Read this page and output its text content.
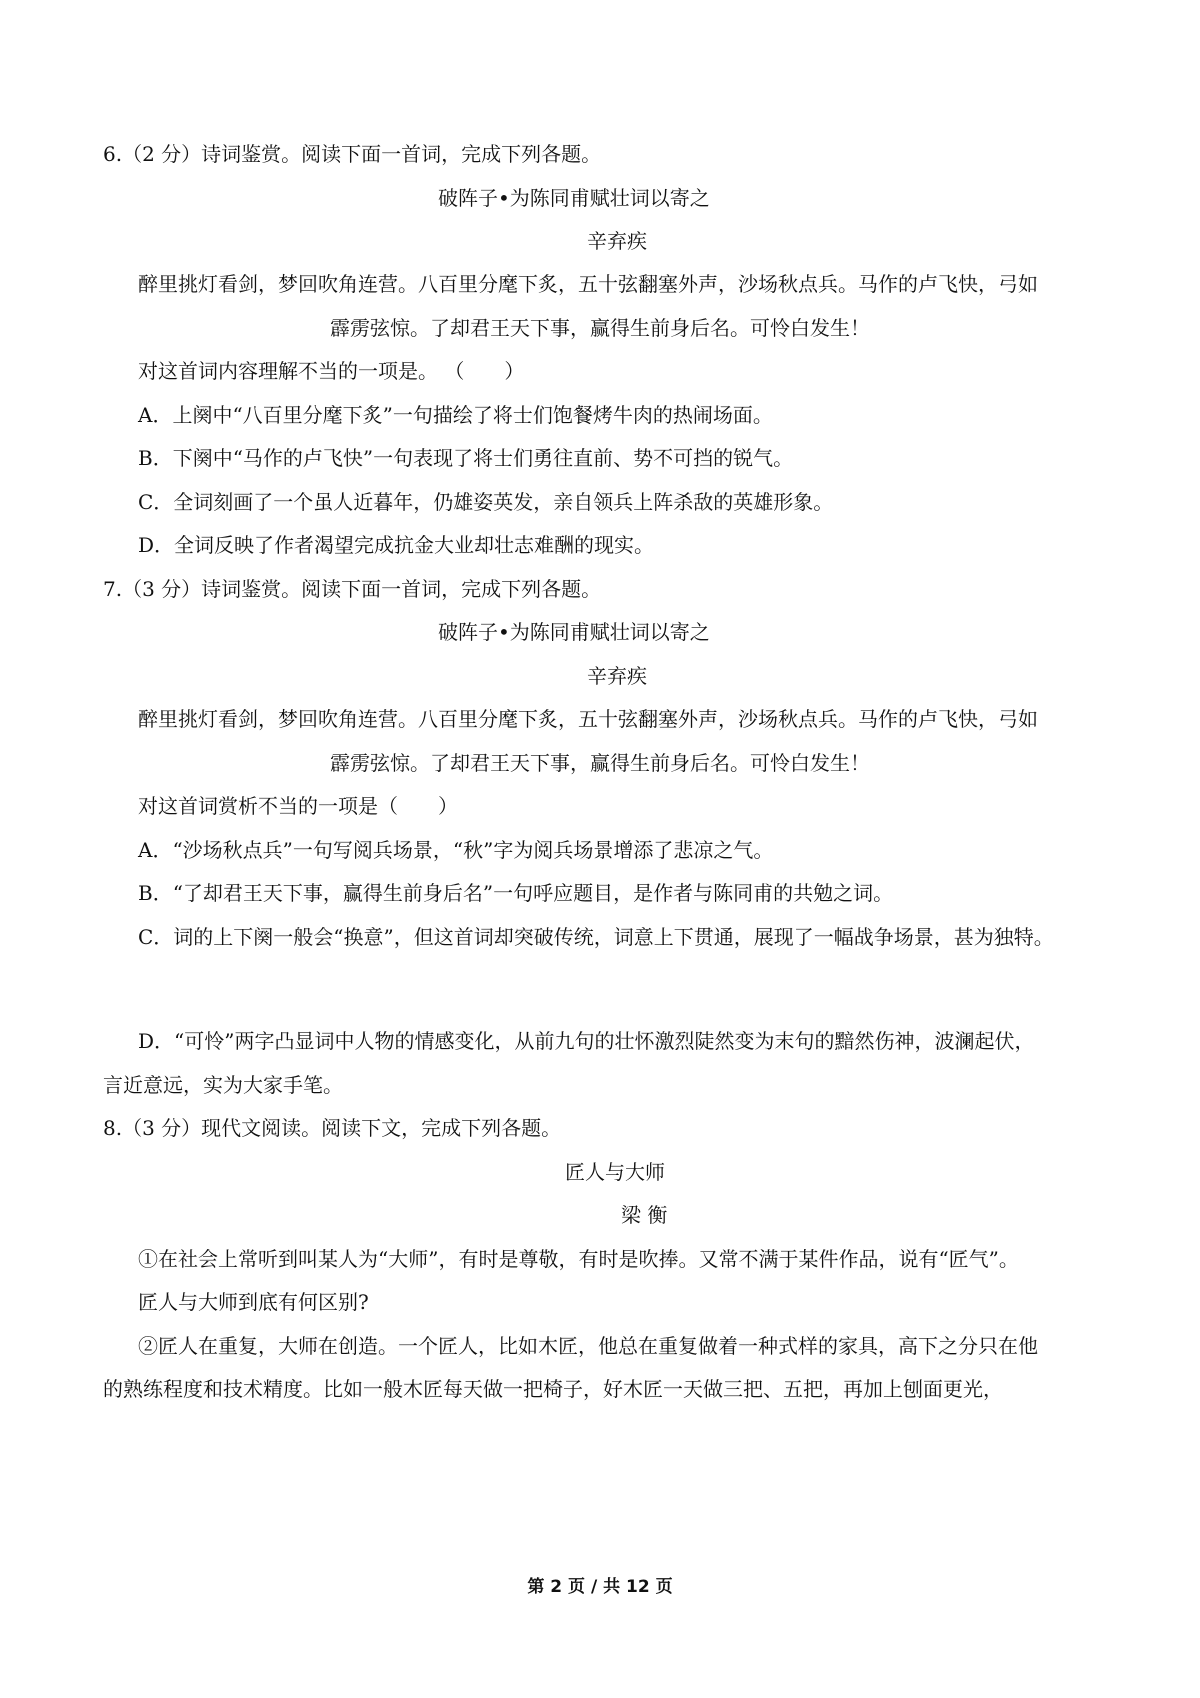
6.（2 分）诗词鉴赏。阅读下面一首词，完成下列各题。

破阵子•为陈同甫赋壮词以寄之

辛弃疾

醉里挑灯看剑，梦回吹角连营。八百里分麾下炙，五十弦翻塞外声，沙场秋点兵。马作的卢飞快，弓如

霹雳弦惊。了却君王天下事，赢得生前身后名。可怜白发生！

对这首词内容理解不当的一项是。 （　　）

A．上阕中“八百里分麾下炙”一句描绘了将士们饱餐烤牛肉的热闹场面。

B．下阕中“马作的卢飞快”一句表现了将士们勇往直前、势不可挡的锐气。

C．全词刻画了一个虽人近暮年，仍雄姿英发，亲自领兵上阵杀敌的英雄形象。

D．全词反映了作者渴望完成抗金大业却壮志难酬的现实。

7.（3 分）诗词鉴赏。阅读下面一首词，完成下列各题。

破阵子•为陈同甫赋壮词以寄之

辛弃疾

醉里挑灯看剑，梦回吹角连营。八百里分麾下炙，五十弦翻塞外声，沙场秋点兵。马作的卢飞快，弓如

霹雳弦惊。了却君王天下事，赢得生前身后名。可怜白发生！

对这首词赏析不当的一项是（　　）

A．“沙场秋点兵”一句写阅兵场景，“秋”字为阅兵场景增添了悲凉之气。

B．“了却君王天下事，赢得生前身后名”一句呼应题目，是作者与陈同甫的共勉之词。

C．词的上下阕一般会“换意”，但这首词却突破传统，词意上下贯通，展现了一幅战争场景，甚为独特。

D．“可怜”两字凸显词中人物的情感变化，从前九句的壮怀激烈陡然变为末句的黯然伤神，波澜起伏，

言近意远，实为大家手笔。

8.（3 分）现代文阅读。阅读下文，完成下列各题。

匠人与大师

梁 衡

①在社会上常听到叫某人为“大师”，有时是尊敬，有时是吹捧。又常不满于某件作品，说有“匠气”。

匠人与大师到底有何区别?

②匠人在重复，大师在创造。一个匠人，比如木匠，他总在重复做着一种式样的家具，高下之分只在他

的熟练程度和技术精度。比如一般木匠每天做一把椅子，好木匠一天做三把、五把，再加上刨面更光，

第 2 页 / 共 12 页
